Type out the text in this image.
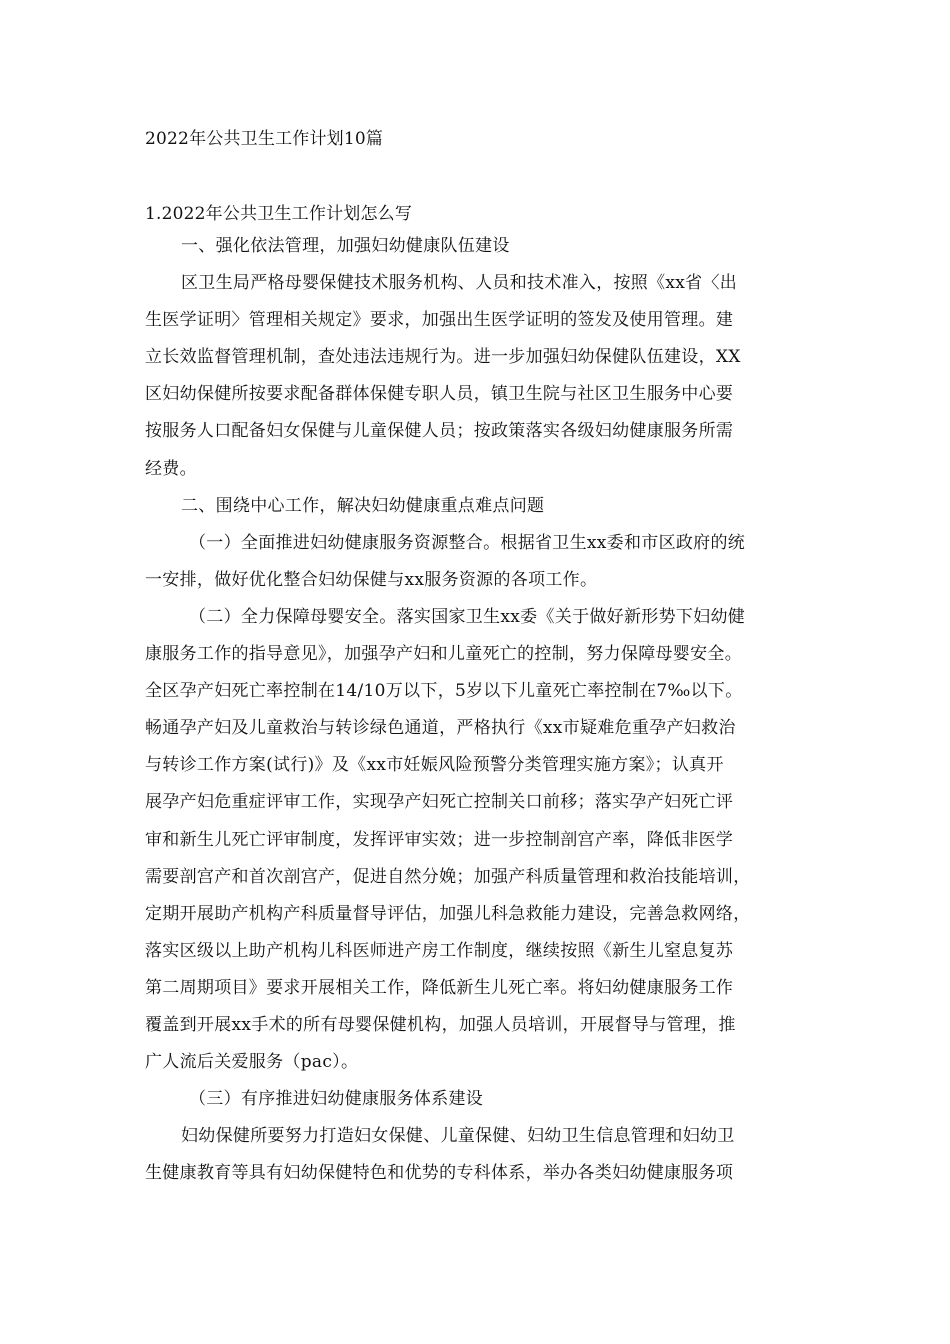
2022年公共卫生工作计划10篇
1.2022年公共卫生工作计划怎么写
一、强化依法管理，加强妇幼健康队伍建设
区卫生局严格母婴保健技术服务机构、人员和技术准入，按照《xx省〈出
生医学证明〉管理相关规定》要求，加强出生医学证明的签发及使用管理。建
立长效监督管理机制，查处违法违规行为。进一步加强妇幼保健队伍建设，XX
区妇幼保健所按要求配备群体保健专职人员，镇卫生院与社区卫生服务中心要
按服务人口配备妇女保健与儿童保健人员；按政策落实各级妇幼健康服务所需
经费。
二、围绕中心工作，解决妇幼健康重点难点问题
（一）全面推进妇幼健康服务资源整合。根据省卫生xx委和市区政府的统
一安排，做好优化整合妇幼保健与xx服务资源的各项工作。
（二）全力保障母婴安全。落实国家卫生xx委《关于做好新形势下妇幼健
康服务工作的指导意见》，加强孕产妇和儿童死亡的控制，努力保障母婴安全。
全区孕产妇死亡率控制在14/10万以下，5岁以下儿童死亡率控制在7‰以下。
畅通孕产妇及儿童救治与转诊绿色通道，严格执行《xx市疑难危重孕产妇救治
与转诊工作方案(试行)》及《xx市妊娠风险预警分类管理实施方案》；认真开
展孕产妇危重症评审工作，实现孕产妇死亡控制关口前移；落实孕产妇死亡评
审和新生儿死亡评审制度，发挥评审实效；进一步控制剖宫产率，降低非医学
需要剖宫产和首次剖宫产，促进自然分娩；加强产科质量管理和救治技能培训，
定期开展助产机构产科质量督导评估，加强儿科急救能力建设，完善急救网络，
落实区级以上助产机构儿科医师进产房工作制度，继续按照《新生儿窒息复苏
第二周期项目》要求开展相关工作，降低新生儿死亡率。将妇幼健康服务工作
覆盖到开展xx手术的所有母婴保健机构，加强人员培训，开展督导与管理，推
广人流后关爱服务（pac）。
（三）有序推进妇幼健康服务体系建设
妇幼保健所要努力打造妇女保健、儿童保健、妇幼卫生信息管理和妇幼卫
生健康教育等具有妇幼保健特色和优势的专科体系，举办各类妇幼健康服务项
